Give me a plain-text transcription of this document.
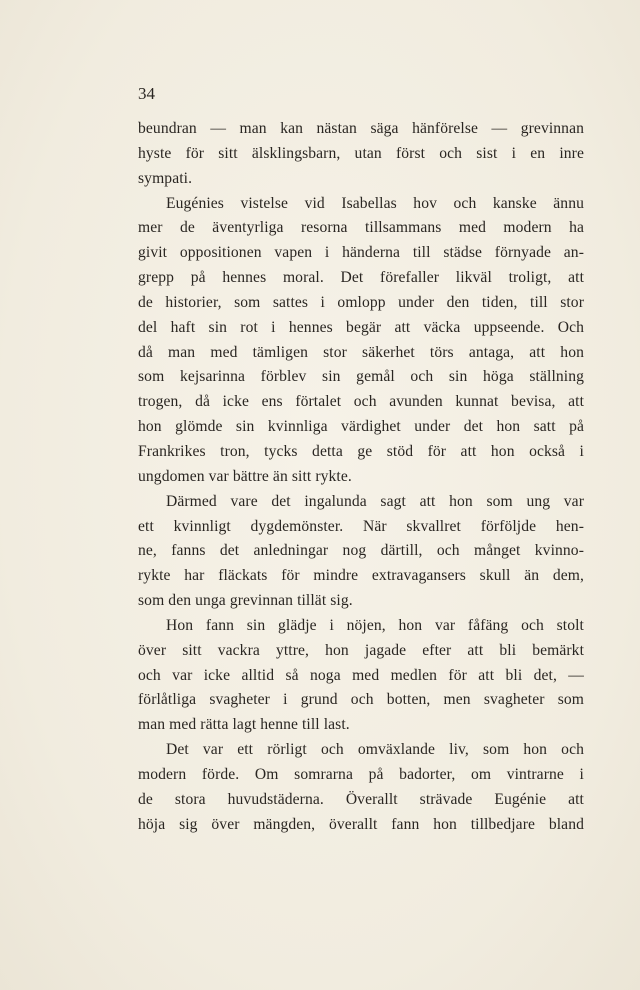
34
beundran — man kan nästan säga hänförelse — grevinnan
hyste för sitt älsklingsbarn, utan först och sist i en inre
sympati.
Eugénies vistelse vid Isabellas hov och kanske ännu
mer de äventyrliga resorna tillsammans med modern ha
givit oppositionen vapen i händerna till städse förnyade an-
grepp på hennes moral. Det förefaller likväl troligt, att
de historier, som sattes i omlopp under den tiden, till stor
del haft sin rot i hennes begär att väcka uppseende. Och
då man med tämligen stor säkerhet törs antaga, att hon
som kejsarinna förblev sin gemål och sin höga ställning
trogen, då icke ens förtalet och avunden kunnat bevisa, att
hon glömde sin kvinnliga värdighet under det hon satt på
Frankrikes tron, tycks detta ge stöd för att hon också i
ungdomen var bättre än sitt rykte.
Därmed vare det ingalunda sagt att hon som ung var
ett kvinnligt dygdemönster. När skvallret förföljde hen-
ne, fanns det anledningar nog därtill, och månget kvinno-
rykte har fläckats för mindre extravagansers skull än dem,
som den unga grevinnan tillät sig.
Hon fann sin glädje i nöjen, hon var fåfäng och stolt
över sitt vackra yttre, hon jagade efter att bli bemärkt
och var icke alltid så noga med medlen för att bli det, —
förlåtliga svagheter i grund och botten, men svagheter som
man med rätta lagt henne till last.
Det var ett rörligt och omväxlande liv, som hon och
modern förde. Om somrarna på badorter, om vintrarne i
de stora huvudstäderna. Överallt strävade Eugénie att
höja sig över mängden, överallt fann hon tillbedjare bland
